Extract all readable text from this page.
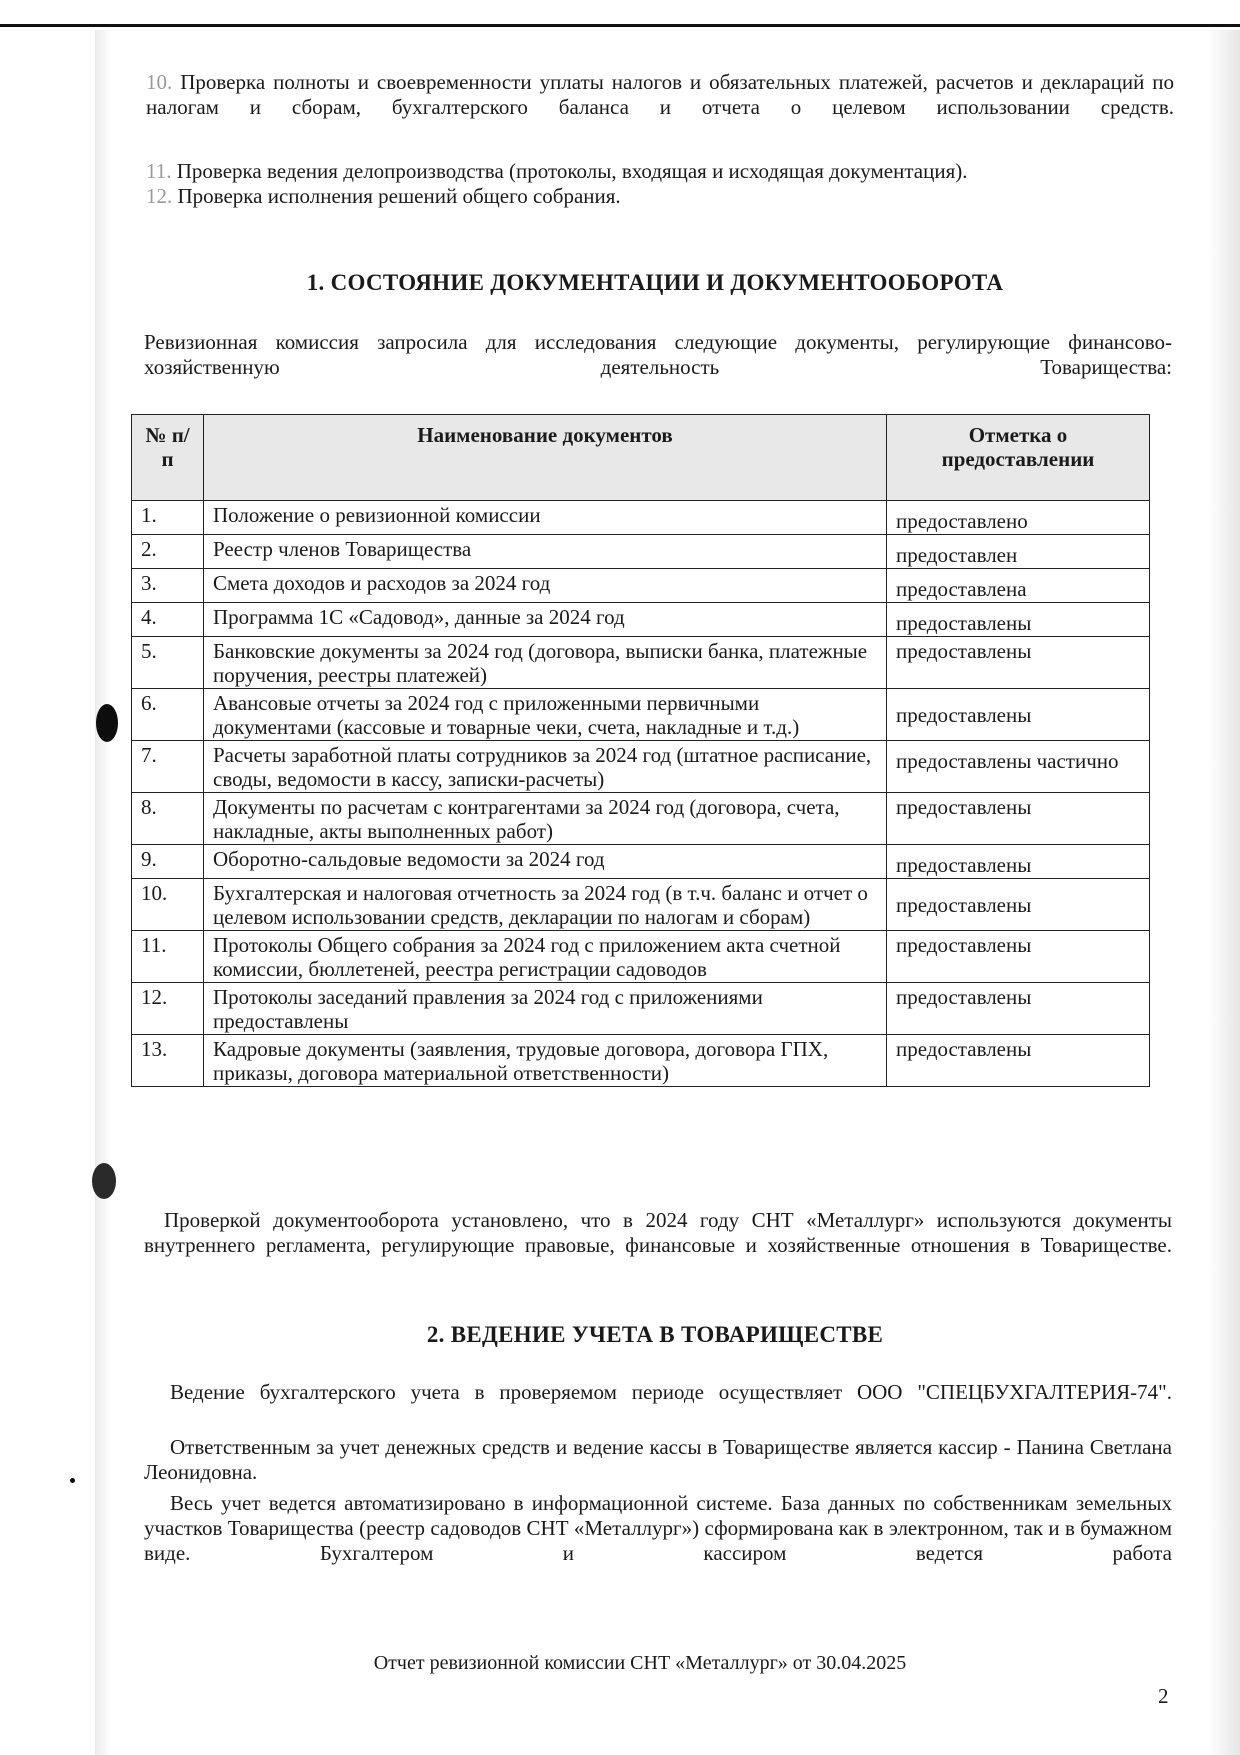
10. Проверка полноты и своевременности уплаты налогов и обязательных платежей, расчетов и деклараций по налогам и сборам, бухгалтерского баланса и отчета о целевом использовании средств.

11. Проверка ведения делопроизводства (протоколы, входящая и исходящая документация).

12. Проверка исполнения решений общего собрания.

1. СОСТОЯНИЕ ДОКУМЕНТАЦИИ И ДОКУМЕНТООБОРОТА

Ревизионная комиссия запросила для исследования следующие документы, регулирующие финансово-хозяйственную деятельность Товарищества:

№ п/п	Наименование документов	Отметка о предоставлении
1.	Положение о ревизионной комиссии	предоставлено

2.	Реестр членов Товарищества	предоставлен

3.	Смета доходов и расходов за 2024 год	предоставлена

4.	Программа 1С «Садовод», данные за 2024 год	предоставлены

5.	Банковские документы за 2024 год (договора, выписки банка, платежные поручения, реестры платежей)	предоставлены

6.	Авансовые отчеты за 2024 год с приложенными первичными документами (кассовые и товарные чеки, счета, накладные и т.д.)	предоставлены

7.	Расчеты заработной платы сотрудников за 2024 год (штатное расписание, своды, ведомости в кассу, записки-расчеты)	предоставлены частично

8.	Документы по расчетам с контрагентами за 2024 год (договора, счета, накладные, акты выполненных работ)	предоставлены

9.	Оборотно-сальдовые ведомости за 2024 год	предоставлены

10.	Бухгалтерская и налоговая отчетность за 2024 год (в т.ч. баланс и отчет о целевом использовании средств, декларации по налогам и сборам)	предоставлены

11.	Протоколы Общего собрания за 2024 год с приложением акта счетной комиссии, бюллетеней, реестра регистрации садоводов	предоставлены

12.	Протоколы заседаний правления за 2024 год с приложениями предоставлены	предоставлены

13.	Кадровые документы (заявления, трудовые договора, договора ГПХ, приказы, договора материальной ответственности)	предоставлены

Проверкой документооборота установлено, что в 2024 году СНТ «Металлург» используются документы внутреннего регламента, регулирующие правовые, финансовые и хозяйственные отношения в Товариществе.

2. ВЕДЕНИЕ УЧЕТА В ТОВАРИЩЕСТВЕ

Ведение бухгалтерского учета в проверяемом периоде осуществляет ООО "СПЕЦБУХГАЛТЕРИЯ-74".

Ответственным за учет денежных средств и ведение кассы в Товариществе является кассир - Панина Светлана Леонидовна.

Весь учет ведется автоматизировано в информационной системе. База данных по собственникам земельных участков Товарищества (реестр садоводов СНТ «Металлург») сформирована как в электронном, так и в бумажном виде. Бухгалтером и кассиром ведется работа

Отчет ревизионной комиссии СНТ «Металлург» от 30.04.2025
2
